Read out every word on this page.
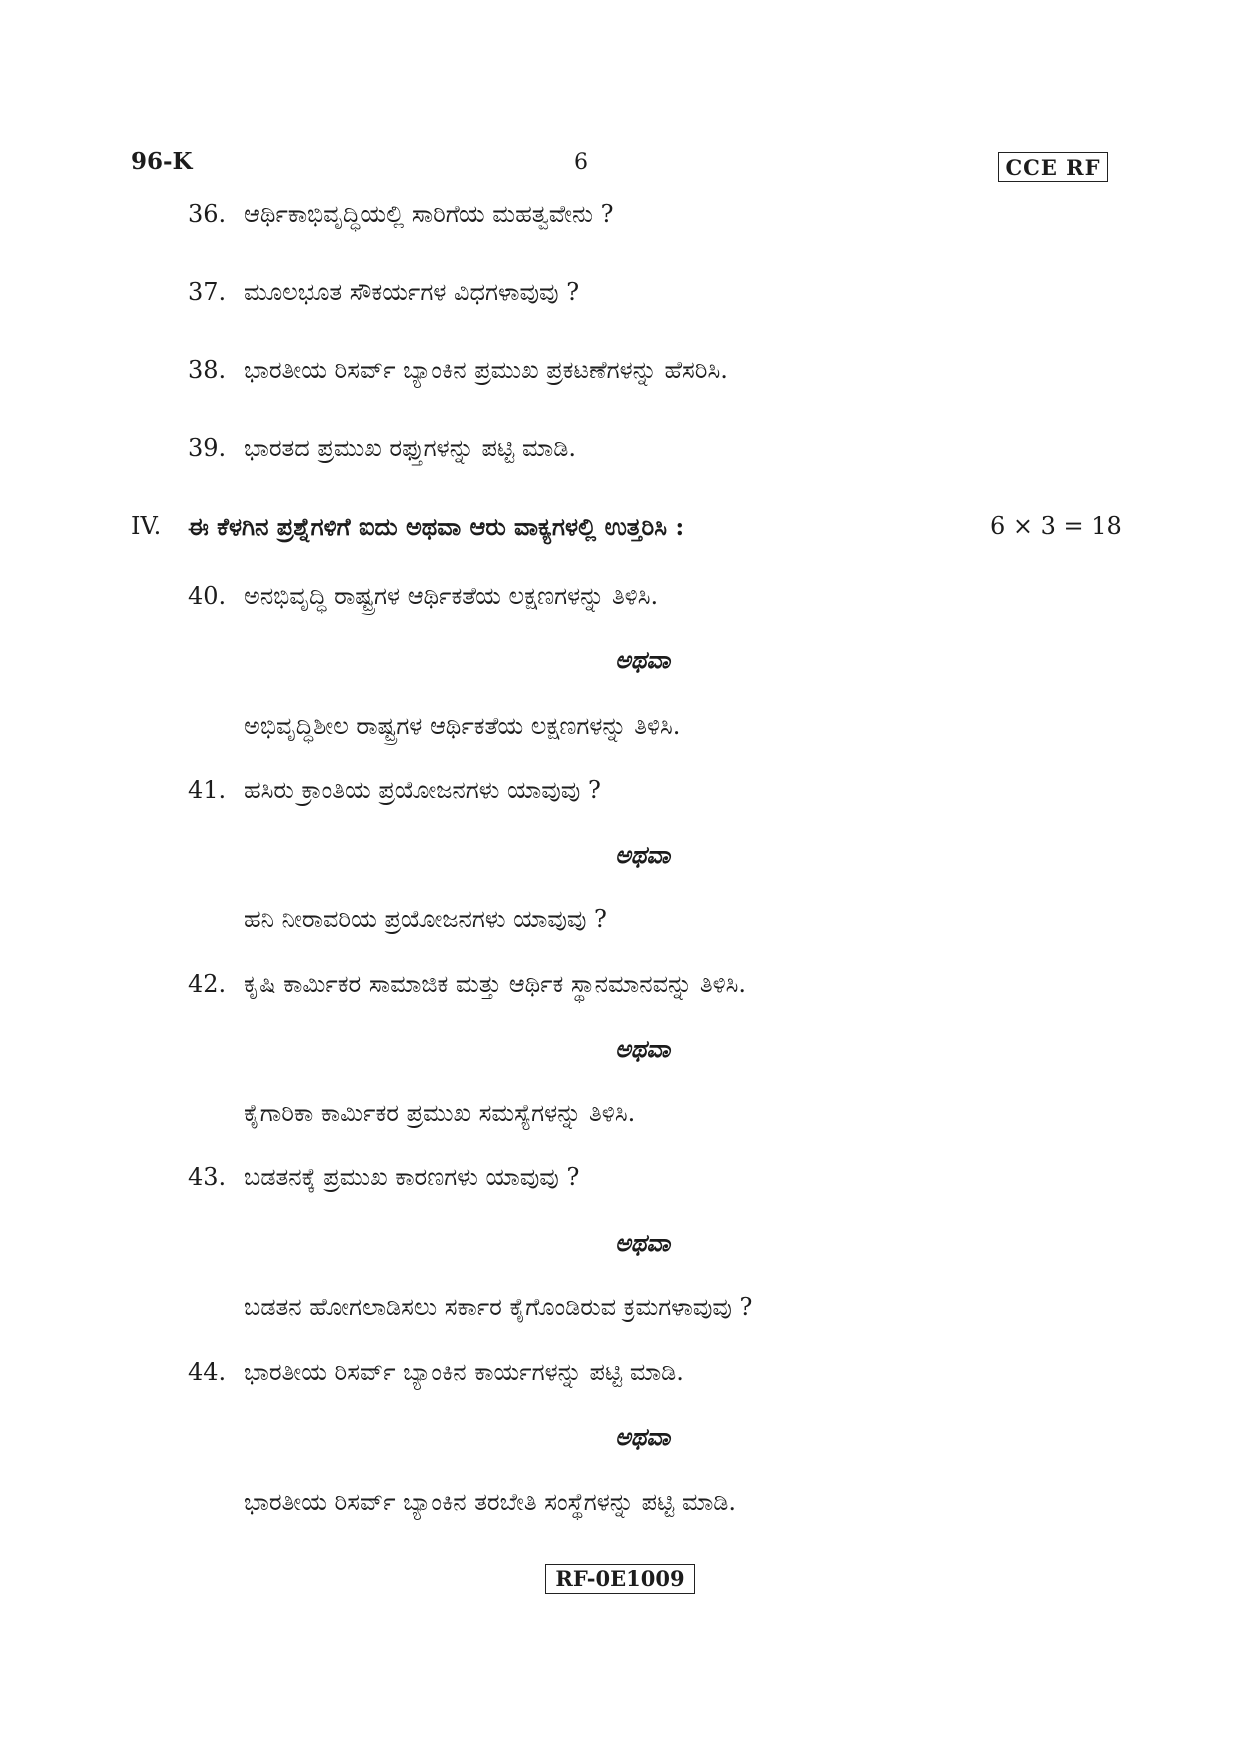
96-K	6	CCE RF
36. ಆರ್ಥಿಕಾಭಿವೃದ್ಧಿಯಲ್ಲಿ ಸಾರಿಗೆಯ ಮಹತ್ವವೇನು ?
37. ಮೂಲಭೂತ ಸೌಕರ್ಯಗಳ ವಿಧಗಳಾವುವು ?
38. ಭಾರತೀಯ ರಿಸರ್ವ್ ಬ್ಯಾಂಕಿನ ಪ್ರಮುಖ ಪ್ರಕಟಣೆಗಳನ್ನು ಹೆಸರಿಸಿ.
39. ಭಾರತದ ಪ್ರಮುಖ ರಫ್ತುಗಳನ್ನು ಪಟ್ಟಿ ಮಾಡಿ.
IV. ಈ ಕೆಳಗಿನ ಪ್ರಶ್ನೆಗಳಿಗೆ ಐದು ಅಥವಾ ಆರು ವಾಕ್ಯಗಳಲ್ಲಿ ಉತ್ತರಿಸಿ :	6 × 3 = 18
40. ಅನಭಿವೃದ್ಧಿ ರಾಷ್ಟ್ರಗಳ ಆರ್ಥಿಕತೆಯ ಲಕ್ಷಣಗಳನ್ನು ತಿಳಿಸಿ.
ಅಥವಾ
ಅಭಿವೃದ್ಧಿಶೀಲ ರಾಷ್ಟ್ರಗಳ ಆರ್ಥಿಕತೆಯ ಲಕ್ಷಣಗಳನ್ನು ತಿಳಿಸಿ.
41. ಹಸಿರು ಕ್ರಾಂತಿಯ ಪ್ರಯೋಜನಗಳು ಯಾವುವು ?
ಅಥವಾ
ಹನಿ ನೀರಾವರಿಯ ಪ್ರಯೋಜನಗಳು ಯಾವುವು ?
42. ಕೃಷಿ ಕಾರ್ಮಿಕರ ಸಾಮಾಜಿಕ ಮತ್ತು ಆರ್ಥಿಕ ಸ್ಥಾನಮಾನವನ್ನು ತಿಳಿಸಿ.
ಅಥವಾ
ಕೈಗಾರಿಕಾ ಕಾರ್ಮಿಕರ ಪ್ರಮುಖ ಸಮಸ್ಯೆಗಳನ್ನು ತಿಳಿಸಿ.
43. ಬಡತನಕ್ಕೆ ಪ್ರಮುಖ ಕಾರಣಗಳು ಯಾವುವು ?
ಅಥವಾ
ಬಡತನ ಹೋಗಲಾಡಿಸಲು ಸರ್ಕಾರ ಕೈಗೊಂಡಿರುವ ಕ್ರಮಗಳಾವುವು ?
44. ಭಾರತೀಯ ರಿಸರ್ವ್ ಬ್ಯಾಂಕಿನ ಕಾರ್ಯಗಳನ್ನು ಪಟ್ಟಿ ಮಾಡಿ.
ಅಥವಾ
ಭಾರತೀಯ ರಿಸರ್ವ್ ಬ್ಯಾಂಕಿನ ತರಬೇತಿ ಸಂಸ್ಥೆಗಳನ್ನು ಪಟ್ಟಿ ಮಾಡಿ.
RF-0E1009
